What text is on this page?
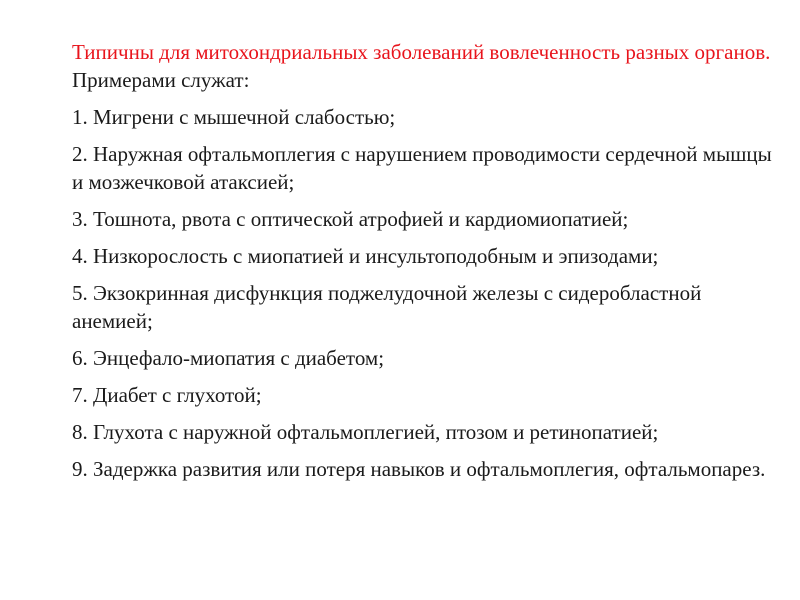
Типичны для митохондриальных заболеваний вовлеченность разных органов. Примерами служат:

1. Мигрени с мышечной слабостью;

2. Наружная офтальмоплегия с нарушением проводимости сердечной мышцы и мозжечковой атаксией;

3. Тошнота, рвота с оптической атрофией и кардиомиопатией;

4. Низкорослость с миопатией и инсультоподобным и эпизодами;

5. Экзокринная дисфункция поджелудочной железы с сидеробластной анемией;

6. Энцефало-миопатия с диабетом;

7. Диабет с глухотой;

8. Глухота с наружной офтальмоплегией, птозом и ретинопатией;

9. Задержка развития или потеря навыков и офтальмоплегия, офтальмопарез.
